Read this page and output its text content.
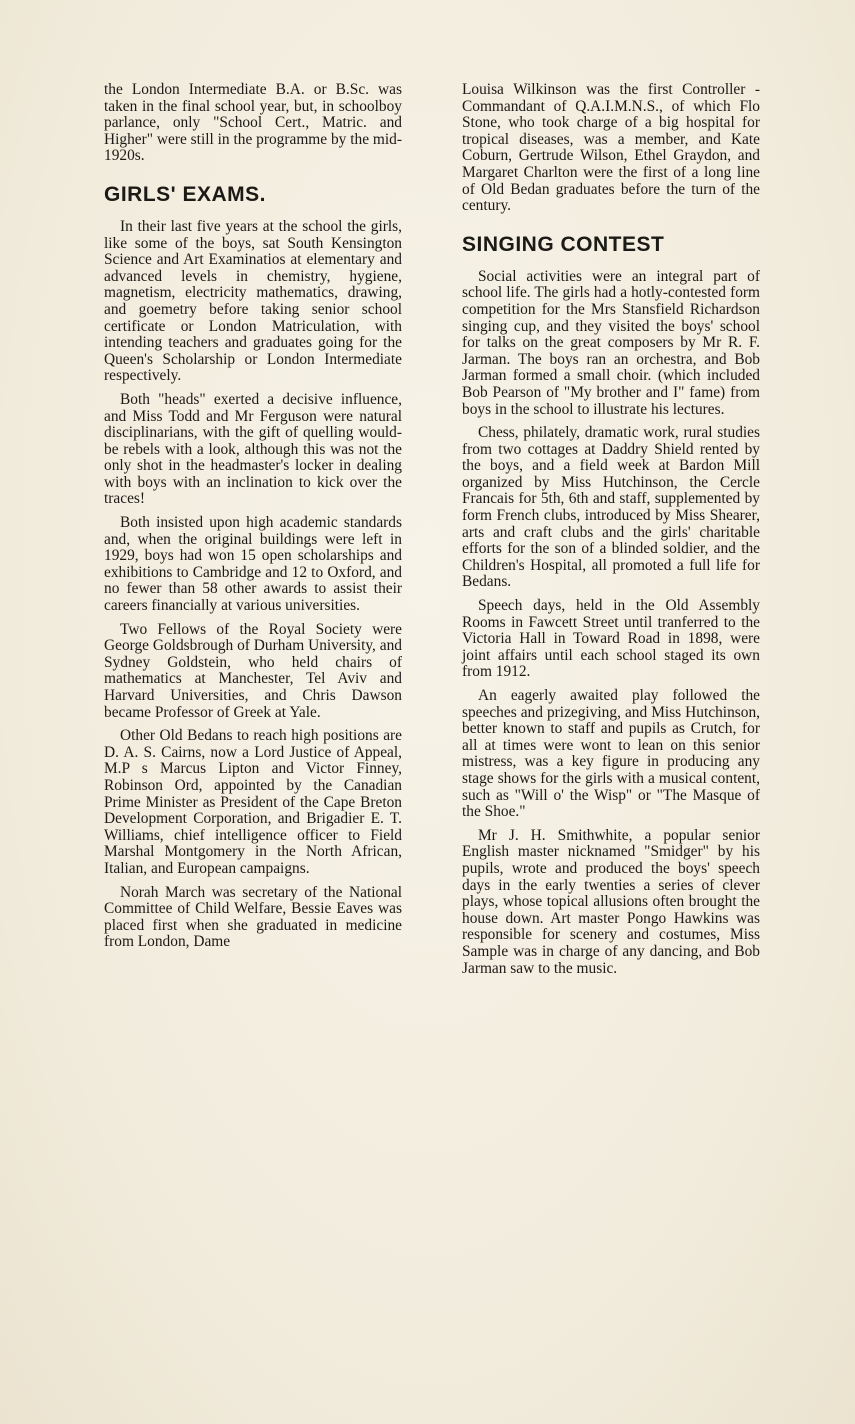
the London Intermediate B.A. or B.Sc. was taken in the final school year, but, in schoolboy parlance, only "School Cert., Matric. and Higher" were still in the programme by the mid-1920s.

GIRLS' EXAMS.

In their last five years at the school the girls, like some of the boys, sat South Kensington Science and Art Examinatios at elementary and advanced levels in chemistry, hygiene, magnetism, electricity mathematics, drawing, and goemetry before taking senior school certificate or London Matriculation, with intending teachers and graduates going for the Queen's Scholarship or London Intermediate respectively.

Both "heads" exerted a decisive influence, and Miss Todd and Mr Ferguson were natural disciplinarians, with the gift of quelling would-be rebels with a look, although this was not the only shot in the headmaster's locker in dealing with boys with an inclination to kick over the traces!

Both insisted upon high academic standards and, when the original buildings were left in 1929, boys had won 15 open scholarships and exhibitions to Cambridge and 12 to Oxford, and no fewer than 58 other awards to assist their careers financially at various universities.

Two Fellows of the Royal Society were George Goldsbrough of Durham University, and Sydney Goldstein, who held chairs of mathematics at Manchester, Tel Aviv and Harvard Universities, and Chris Dawson became Professor of Greek at Yale.

Other Old Bedans to reach high positions are D. A. S. Cairns, now a Lord Justice of Appeal, M.P s Marcus Lipton and Victor Finney, Robinson Ord, appointed by the Canadian Prime Minister as President of the Cape Breton Development Corporation, and Brigadier E. T. Williams, chief intelligence officer to Field Marshal Montgomery in the North African, Italian, and European campaigns.

Norah March was secretary of the National Committee of Child Welfare, Bessie Eaves was placed first when she graduated in medicine from London, Dame

Louisa Wilkinson was the first Controller - Commandant of Q.A.I.M.N.S., of which Flo Stone, who took charge of a big hospital for tropical diseases, was a member, and Kate Coburn, Gertrude Wilson, Ethel Graydon, and Margaret Charlton were the first of a long line of Old Bedan graduates before the turn of the century.

SINGING CONTEST

Social activities were an integral part of school life. The girls had a hotly-contested form competition for the Mrs Stansfield Richardson singing cup, and they visited the boys' school for talks on the great composers by Mr R. F. Jarman. The boys ran an orchestra, and Bob Jarman formed a small choir. (which included Bob Pearson of "My brother and I" fame) from boys in the school to illustrate his lectures.

Chess, philately, dramatic work, rural studies from two cottages at Daddry Shield rented by the boys, and a field week at Bardon Mill organized by Miss Hutchinson, the Cercle Francais for 5th, 6th and staff, supplemented by form French clubs, introduced by Miss Shearer, arts and craft clubs and the girls' charitable efforts for the son of a blinded soldier, and the Children's Hospital, all promoted a full life for Bedans.

Speech days, held in the Old Assembly Rooms in Fawcett Street until tranferred to the Victoria Hall in Toward Road in 1898, were joint affairs until each school staged its own from 1912.

An eagerly awaited play followed the speeches and prizegiving, and Miss Hutchinson, better known to staff and pupils as Crutch, for all at times were wont to lean on this senior mistress, was a key figure in producing any stage shows for the girls with a musical content, such as "Will o' the Wisp" or "The Masque of the Shoe."

Mr J. H. Smithwhite, a popular senior English master nicknamed "Smidger" by his pupils, wrote and produced the boys' speech days in the early twenties a series of clever plays, whose topical allusions often brought the house down. Art master Pongo Hawkins was responsible for scenery and costumes, Miss Sample was in charge of any dancing, and Bob Jarman saw to the music.
